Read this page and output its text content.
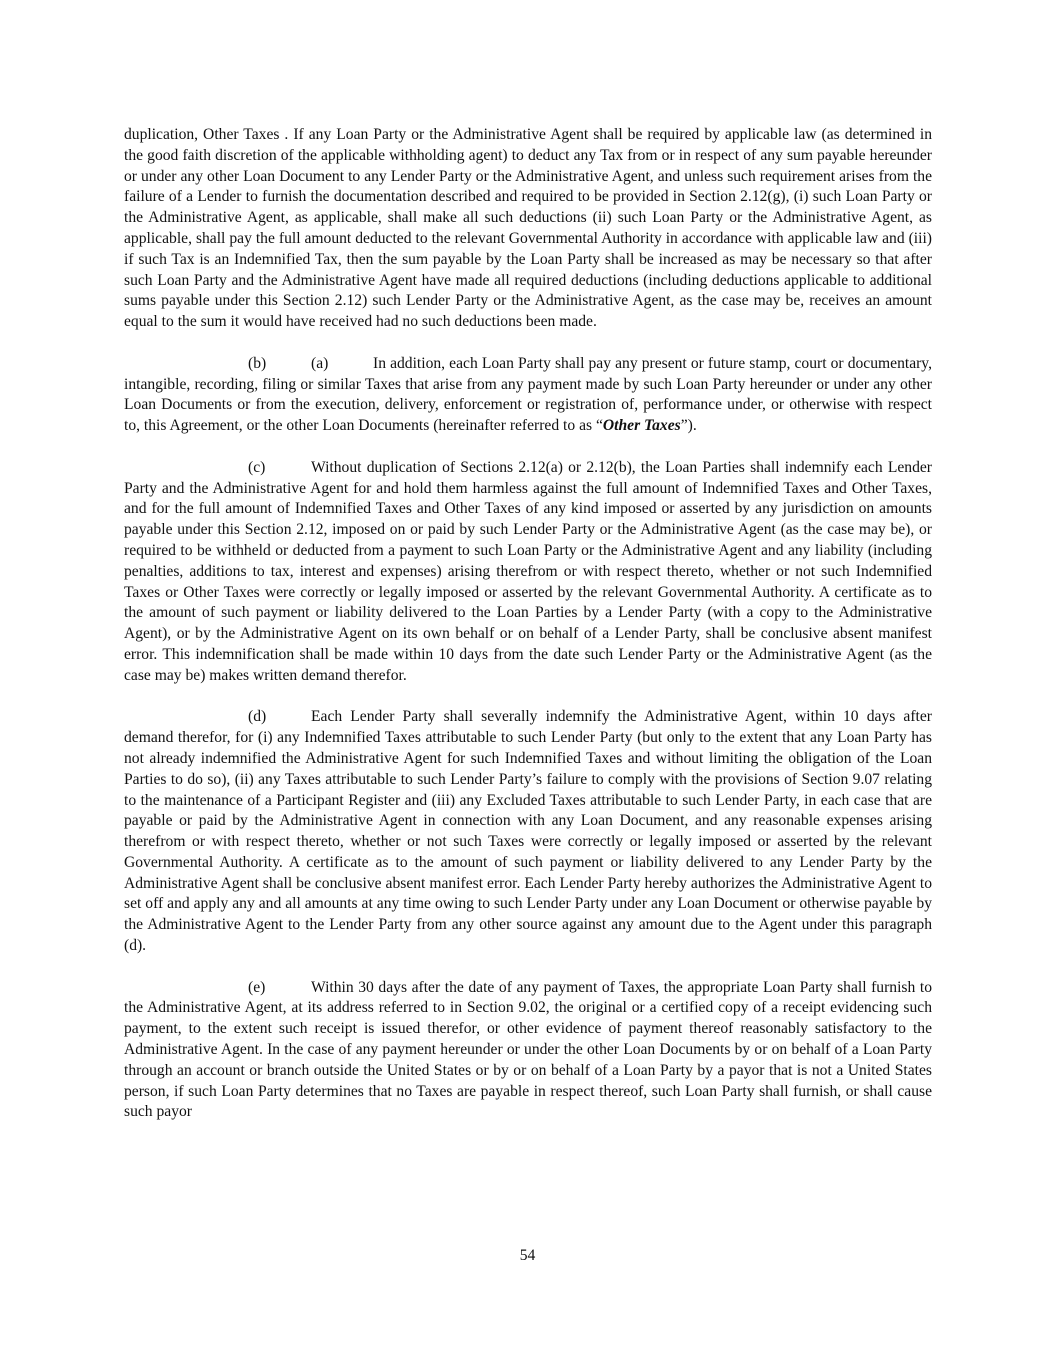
duplication, Other Taxes . If any Loan Party or the Administrative Agent shall be required by applicable law (as determined in the good faith discretion of the applicable withholding agent) to deduct any Tax from or in respect of any sum payable hereunder or under any other Loan Document to any Lender Party or the Administrative Agent, and unless such requirement arises from the failure of a Lender to furnish the documentation described and required to be provided in Section 2.12(g), (i) such Loan Party or the Administrative Agent, as applicable, shall make all such deductions (ii) such Loan Party or the Administrative Agent, as applicable, shall pay the full amount deducted to the relevant Governmental Authority in accordance with applicable law and (iii) if such Tax is an Indemnified Tax, then the sum payable by the Loan Party shall be increased as may be necessary so that after such Loan Party and the Administrative Agent have made all required deductions (including deductions applicable to additional sums payable under this Section 2.12) such Lender Party or the Administrative Agent, as the case may be, receives an amount equal to the sum it would have received had no such deductions been made.

(b)	(a)	In addition, each Loan Party shall pay any present or future stamp, court or documentary, intangible, recording, filing or similar Taxes that arise from any payment made by such Loan Party hereunder or under any other Loan Documents or from the execution, delivery, enforcement or registration of, performance under, or otherwise with respect to, this Agreement, or the other Loan Documents (hereinafter referred to as “Other Taxes”).

(c)	Without duplication of Sections 2.12(a) or 2.12(b), the Loan Parties shall indemnify each Lender Party and the Administrative Agent for and hold them harmless against the full amount of Indemnified Taxes and Other Taxes, and for the full amount of Indemnified Taxes and Other Taxes of any kind imposed or asserted by any jurisdiction on amounts payable under this Section 2.12, imposed on or paid by such Lender Party or the Administrative Agent (as the case may be), or required to be withheld or deducted from a payment to such Loan Party or the Administrative Agent and any liability (including penalties, additions to tax, interest and expenses) arising therefrom or with respect thereto, whether or not such Indemnified Taxes or Other Taxes were correctly or legally imposed or asserted by the relevant Governmental Authority. A certificate as to the amount of such payment or liability delivered to the Loan Parties by a Lender Party (with a copy to the Administrative Agent), or by the Administrative Agent on its own behalf or on behalf of a Lender Party, shall be conclusive absent manifest error. This indemnification shall be made within 10 days from the date such Lender Party or the Administrative Agent (as the case may be) makes written demand therefor.

(d)	Each Lender Party shall severally indemnify the Administrative Agent, within 10 days after demand therefor, for (i) any Indemnified Taxes attributable to such Lender Party (but only to the extent that any Loan Party has not already indemnified the Administrative Agent for such Indemnified Taxes and without limiting the obligation of the Loan Parties to do so), (ii) any Taxes attributable to such Lender Party’s failure to comply with the provisions of Section 9.07 relating to the maintenance of a Participant Register and (iii) any Excluded Taxes attributable to such Lender Party, in each case that are payable or paid by the Administrative Agent in connection with any Loan Document, and any reasonable expenses arising therefrom or with respect thereto, whether or not such Taxes were correctly or legally imposed or asserted by the relevant Governmental Authority. A certificate as to the amount of such payment or liability delivered to any Lender Party by the Administrative Agent shall be conclusive absent manifest error. Each Lender Party hereby authorizes the Administrative Agent to set off and apply any and all amounts at any time owing to such Lender Party under any Loan Document or otherwise payable by the Administrative Agent to the Lender Party from any other source against any amount due to the Agent under this paragraph (d).

(e)	Within 30 days after the date of any payment of Taxes, the appropriate Loan Party shall furnish to the Administrative Agent, at its address referred to in Section 9.02, the original or a certified copy of a receipt evidencing such payment, to the extent such receipt is issued therefor, or other evidence of payment thereof reasonably satisfactory to the Administrative Agent. In the case of any payment hereunder or under the other Loan Documents by or on behalf of a Loan Party through an account or branch outside the United States or by or on behalf of a Loan Party by a payor that is not a United States person, if such Loan Party determines that no Taxes are payable in respect thereof, such Loan Party shall furnish, or shall cause such payor

54
